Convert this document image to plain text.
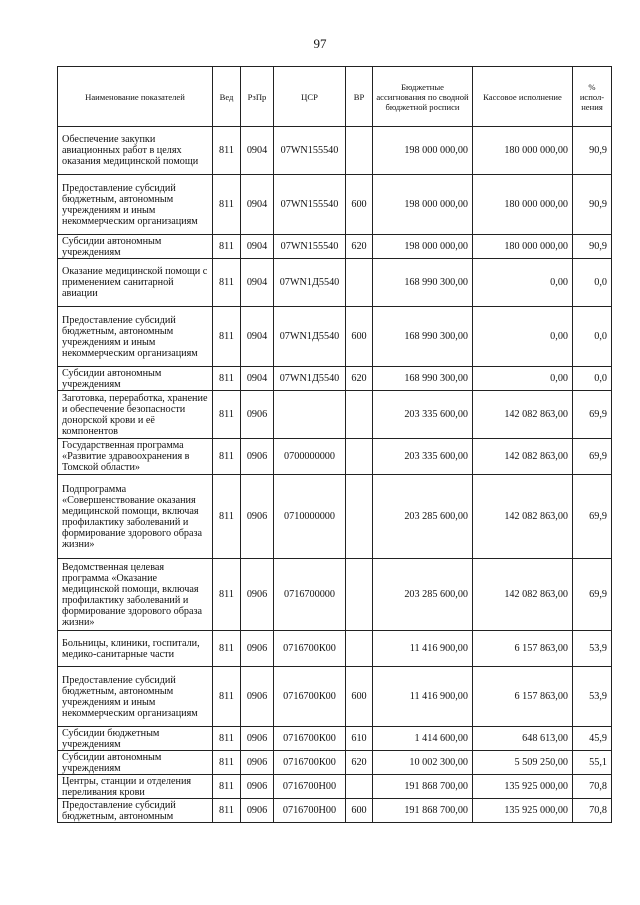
97
Наименование показателей	Вед	РзПр	ЦСР	ВР	Бюджетные ассигнования по сводной бюджетной росписи	Кассовое исполнение	% испол-нения
Обеспечение закупки авиационных работ в целях оказания медицинской помощи	811	0904	07WN155540		198 000 000,00	180 000 000,00	90,9
Предоставление субсидий бюджетным, автономным учреждениям и иным некоммерческим организациям	811	0904	07WN155540	600	198 000 000,00	180 000 000,00	90,9
Субсидии автономным учреждениям	811	0904	07WN155540	620	198 000 000,00	180 000 000,00	90,9
Оказание медицинской помощи с применением санитарной авиации	811	0904	07WN1Д5540		168 990 300,00	0,00	0,0
Предоставление субсидий бюджетным, автономным учреждениям и иным некоммерческим организациям	811	0904	07WN1Д5540	600	168 990 300,00	0,00	0,0
Субсидии автономным учреждениям	811	0904	07WN1Д5540	620	168 990 300,00	0,00	0,0
Заготовка, переработка, хранение и обеспечение безопасности донорской крови и её компонентов	811	0906			203 335 600,00	142 082 863,00	69,9
Государственная программа «Развитие здравоохранения в Томской области»	811	0906	0700000000		203 335 600,00	142 082 863,00	69,9
Подпрограмма «Совершенствование оказания медицинской помощи, включая профилактику заболеваний и формирование здорового образа жизни»	811	0906	0710000000		203 285 600,00	142 082 863,00	69,9
Ведомственная целевая программа «Оказание медицинской помощи, включая профилактику заболеваний и формирование здорового образа жизни»	811	0906	0716700000		203 285 600,00	142 082 863,00	69,9
Больницы, клиники, госпитали, медико-санитарные части	811	0906	0716700К00		11 416 900,00	6 157 863,00	53,9
Предоставление субсидий бюджетным, автономным учреждениям и иным некоммерческим организациям	811	0906	0716700К00	600	11 416 900,00	6 157 863,00	53,9
Субсидии бюджетным учреждениям	811	0906	0716700К00	610	1 414 600,00	648 613,00	45,9
Субсидии автономным учреждениям	811	0906	0716700К00	620	10 002 300,00	5 509 250,00	55,1
Центры, станции и отделения переливания крови	811	0906	0716700Н00		191 868 700,00	135 925 000,00	70,8
Предоставление субсидий бюджетным, автономным	811	0906	0716700Н00	600	191 868 700,00	135 925 000,00	70,8
